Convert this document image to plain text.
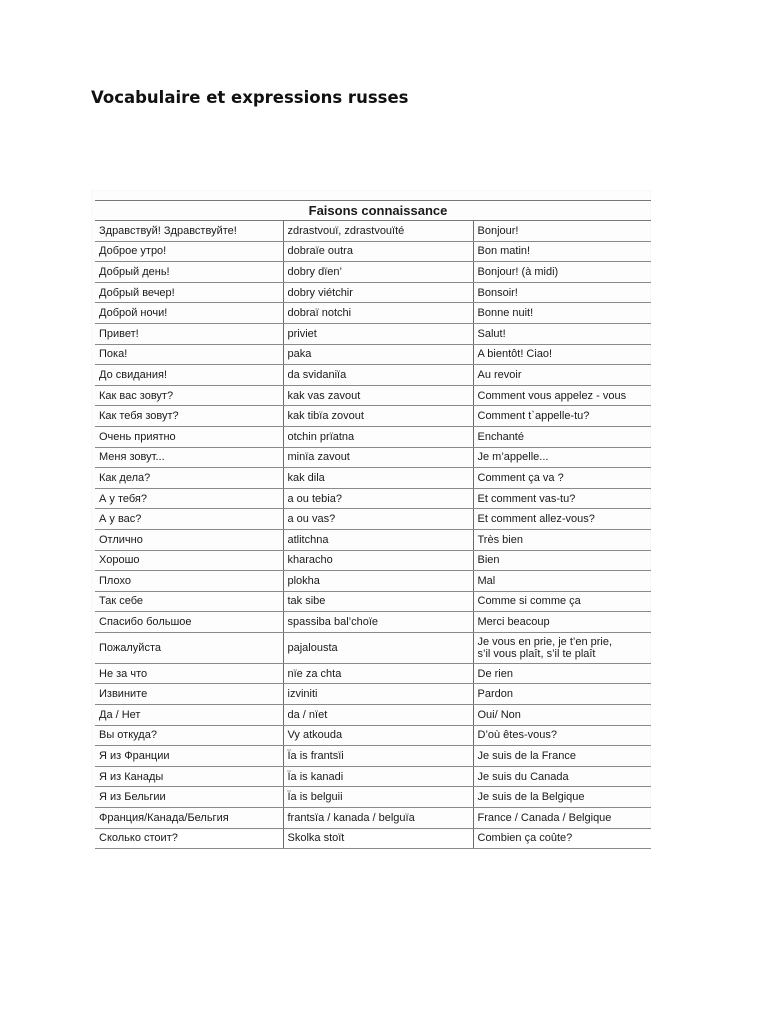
Vocabulaire et expressions russes
	Faisons connaissance	
Здравствуй! Здравствуйте!	zdrastvouï, zdrastvouïté	Bonjour!
Доброе утро!	dobraïe outra	Bon matin!
Добрый день!	dobry dïen’	Bonjour! (à midi)
Добрый вечер!	dobry viétchir	Bonsoir!
Доброй ночи!	dobraï notchi	Bonne nuit!
Привет!	priviet	Salut!
Пока!	paka	A bientôt! Ciao!
До свидания!	da svidaniïa	Au revoir
Как вас зовут?	kak vas zavout	Comment vous appelez - vous
Как тебя зовут?	kak tibïa zovout	Comment t`appelle-tu?
Очень приятно	otchin prïatna	Enchanté
Меня зовут...	minïa zavout	Je m’appelle...
Как дела?	kak dila	Comment ça va ?
А у тебя?	a ou tebia?	Et comment vas-tu?
А у вас?	a ou vas?	Et comment allez-vous?
Отлично	atlitchna	Très bien
Хорошо	kharacho	Bien
Плохо	plokha	Mal
Так себе	tak sibe	Comme si comme ça
Спасибо большое	spassiba bal’choïe	Merci beacoup
Пожалуйста	pajalousta	Je vous en prie, je t’en prie,
s’il vous plaît, s’il te plaît
Не за что	nïe za chta	De rien
Извините	izviniti	Pardon
Да / Нет	da / nïet	Oui/ Non
Вы откуда?	Vy atkouda	D’où êtes-vous?
Я из Франции	Ïa is frantsïi	Je suis de la France
Я из Канады	Ïa is kanadi	Je suis du Canada
Я из Бельгии	Ïa is belguii	Je suis de la Belgique
Франция/Канада/Бельгия	frantsïa / kanada / belguïa	France / Canada / Belgique
Сколько стоит?	Skolka stoït	Combien ça coûte?
